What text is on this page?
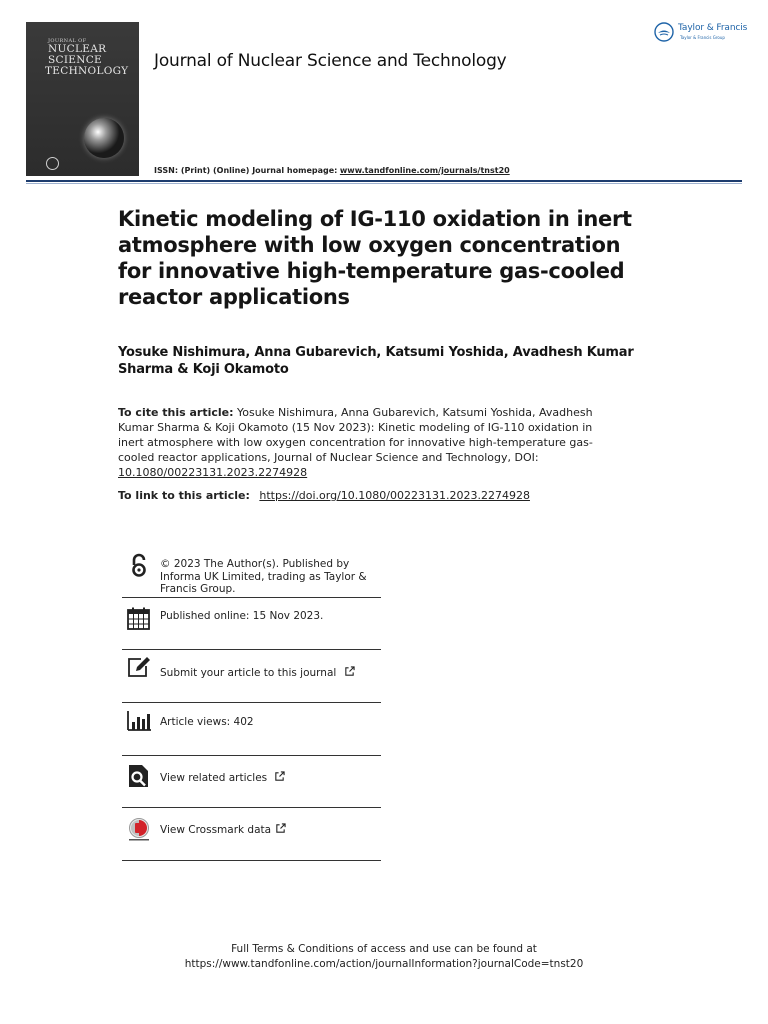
JOURNAL OF
NUCLEAR
SCIENCE
TECHNOLOGY Journal of Nuclear Science and Technology
Taylor & Francis
Taylor & Francis Group
ISSN: (Print) (Online) Journal homepage: www.tandfonline.com/journals/tnst20
Kinetic modeling of IG-110 oxidation in inert atmosphere with low oxygen concentration for innovative high-temperature gas-cooled reactor applications
Yosuke Nishimura, Anna Gubarevich, Katsumi Yoshida, Avadhesh Kumar Sharma & Koji Okamoto
To cite this article: Yosuke Nishimura, Anna Gubarevich, Katsumi Yoshida, Avadhesh Kumar Sharma & Koji Okamoto (15 Nov 2023): Kinetic modeling of IG-110 oxidation in inert atmosphere with low oxygen concentration for innovative high-temperature gas-cooled reactor applications, Journal of Nuclear Science and Technology, DOI: 10.1080/00223131.2023.2274928
To link to this article: https://doi.org/10.1080/00223131.2023.2274928
© 2023 The Author(s). Published by Informa UK Limited, trading as Taylor & Francis Group.
Published online: 15 Nov 2023.
Submit your article to this journal
Article views: 402
View related articles
View Crossmark data
Full Terms & Conditions of access and use can be found at
https://www.tandfonline.com/action/journalInformation?journalCode=tnst20
